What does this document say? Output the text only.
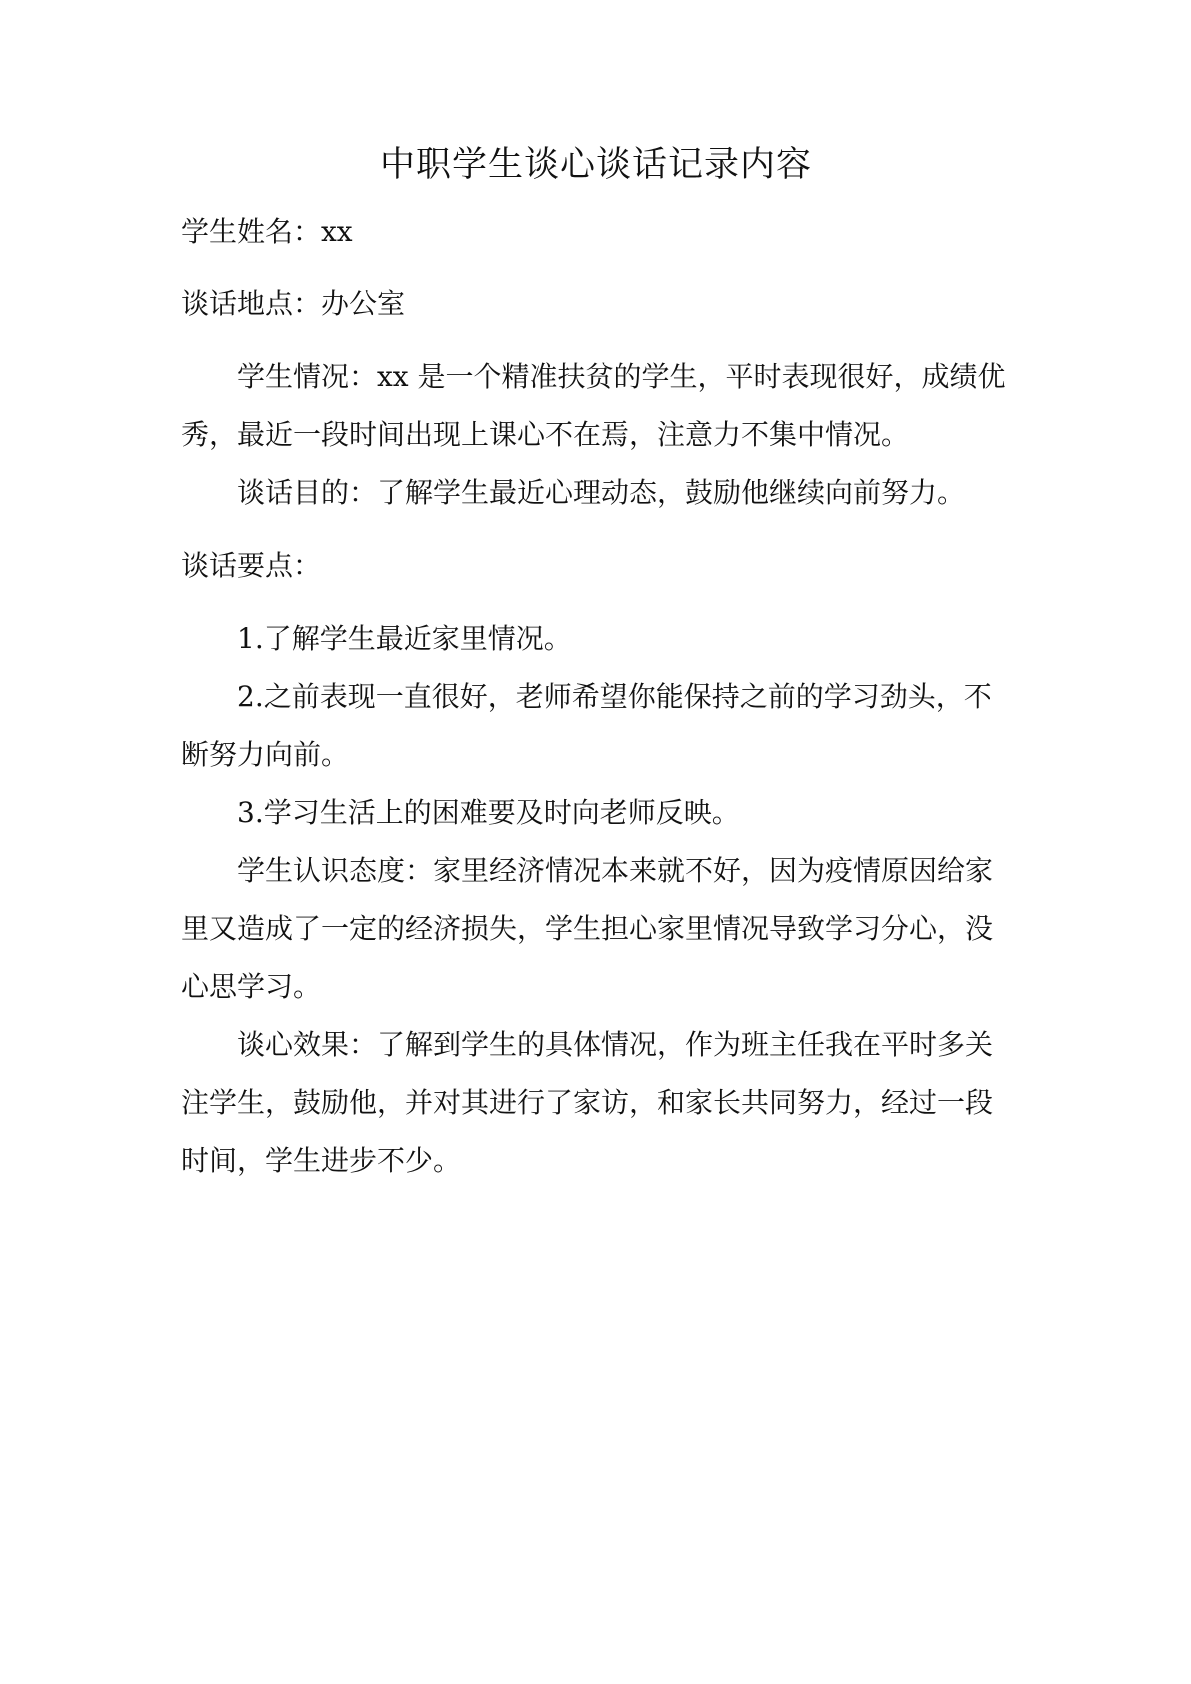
中职学生谈心谈话记录内容
学生姓名：xx
谈话地点：办公室
学生情况：xx 是一个精准扶贫的学生，平时表现很好，成绩优
秀，最近一段时间出现上课心不在焉，注意力不集中情况。
谈话目的：了解学生最近心理动态，鼓励他继续向前努力。
谈话要点：
1.了解学生最近家里情况。
2.之前表现一直很好，老师希望你能保持之前的学习劲头，不
断努力向前。
3.学习生活上的困难要及时向老师反映。
学生认识态度：家里经济情况本来就不好，因为疫情原因给家
里又造成了一定的经济损失，学生担心家里情况导致学习分心，没
心思学习。
谈心效果：了解到学生的具体情况，作为班主任我在平时多关
注学生，鼓励他，并对其进行了家访，和家长共同努力，经过一段
时间，学生进步不少。
